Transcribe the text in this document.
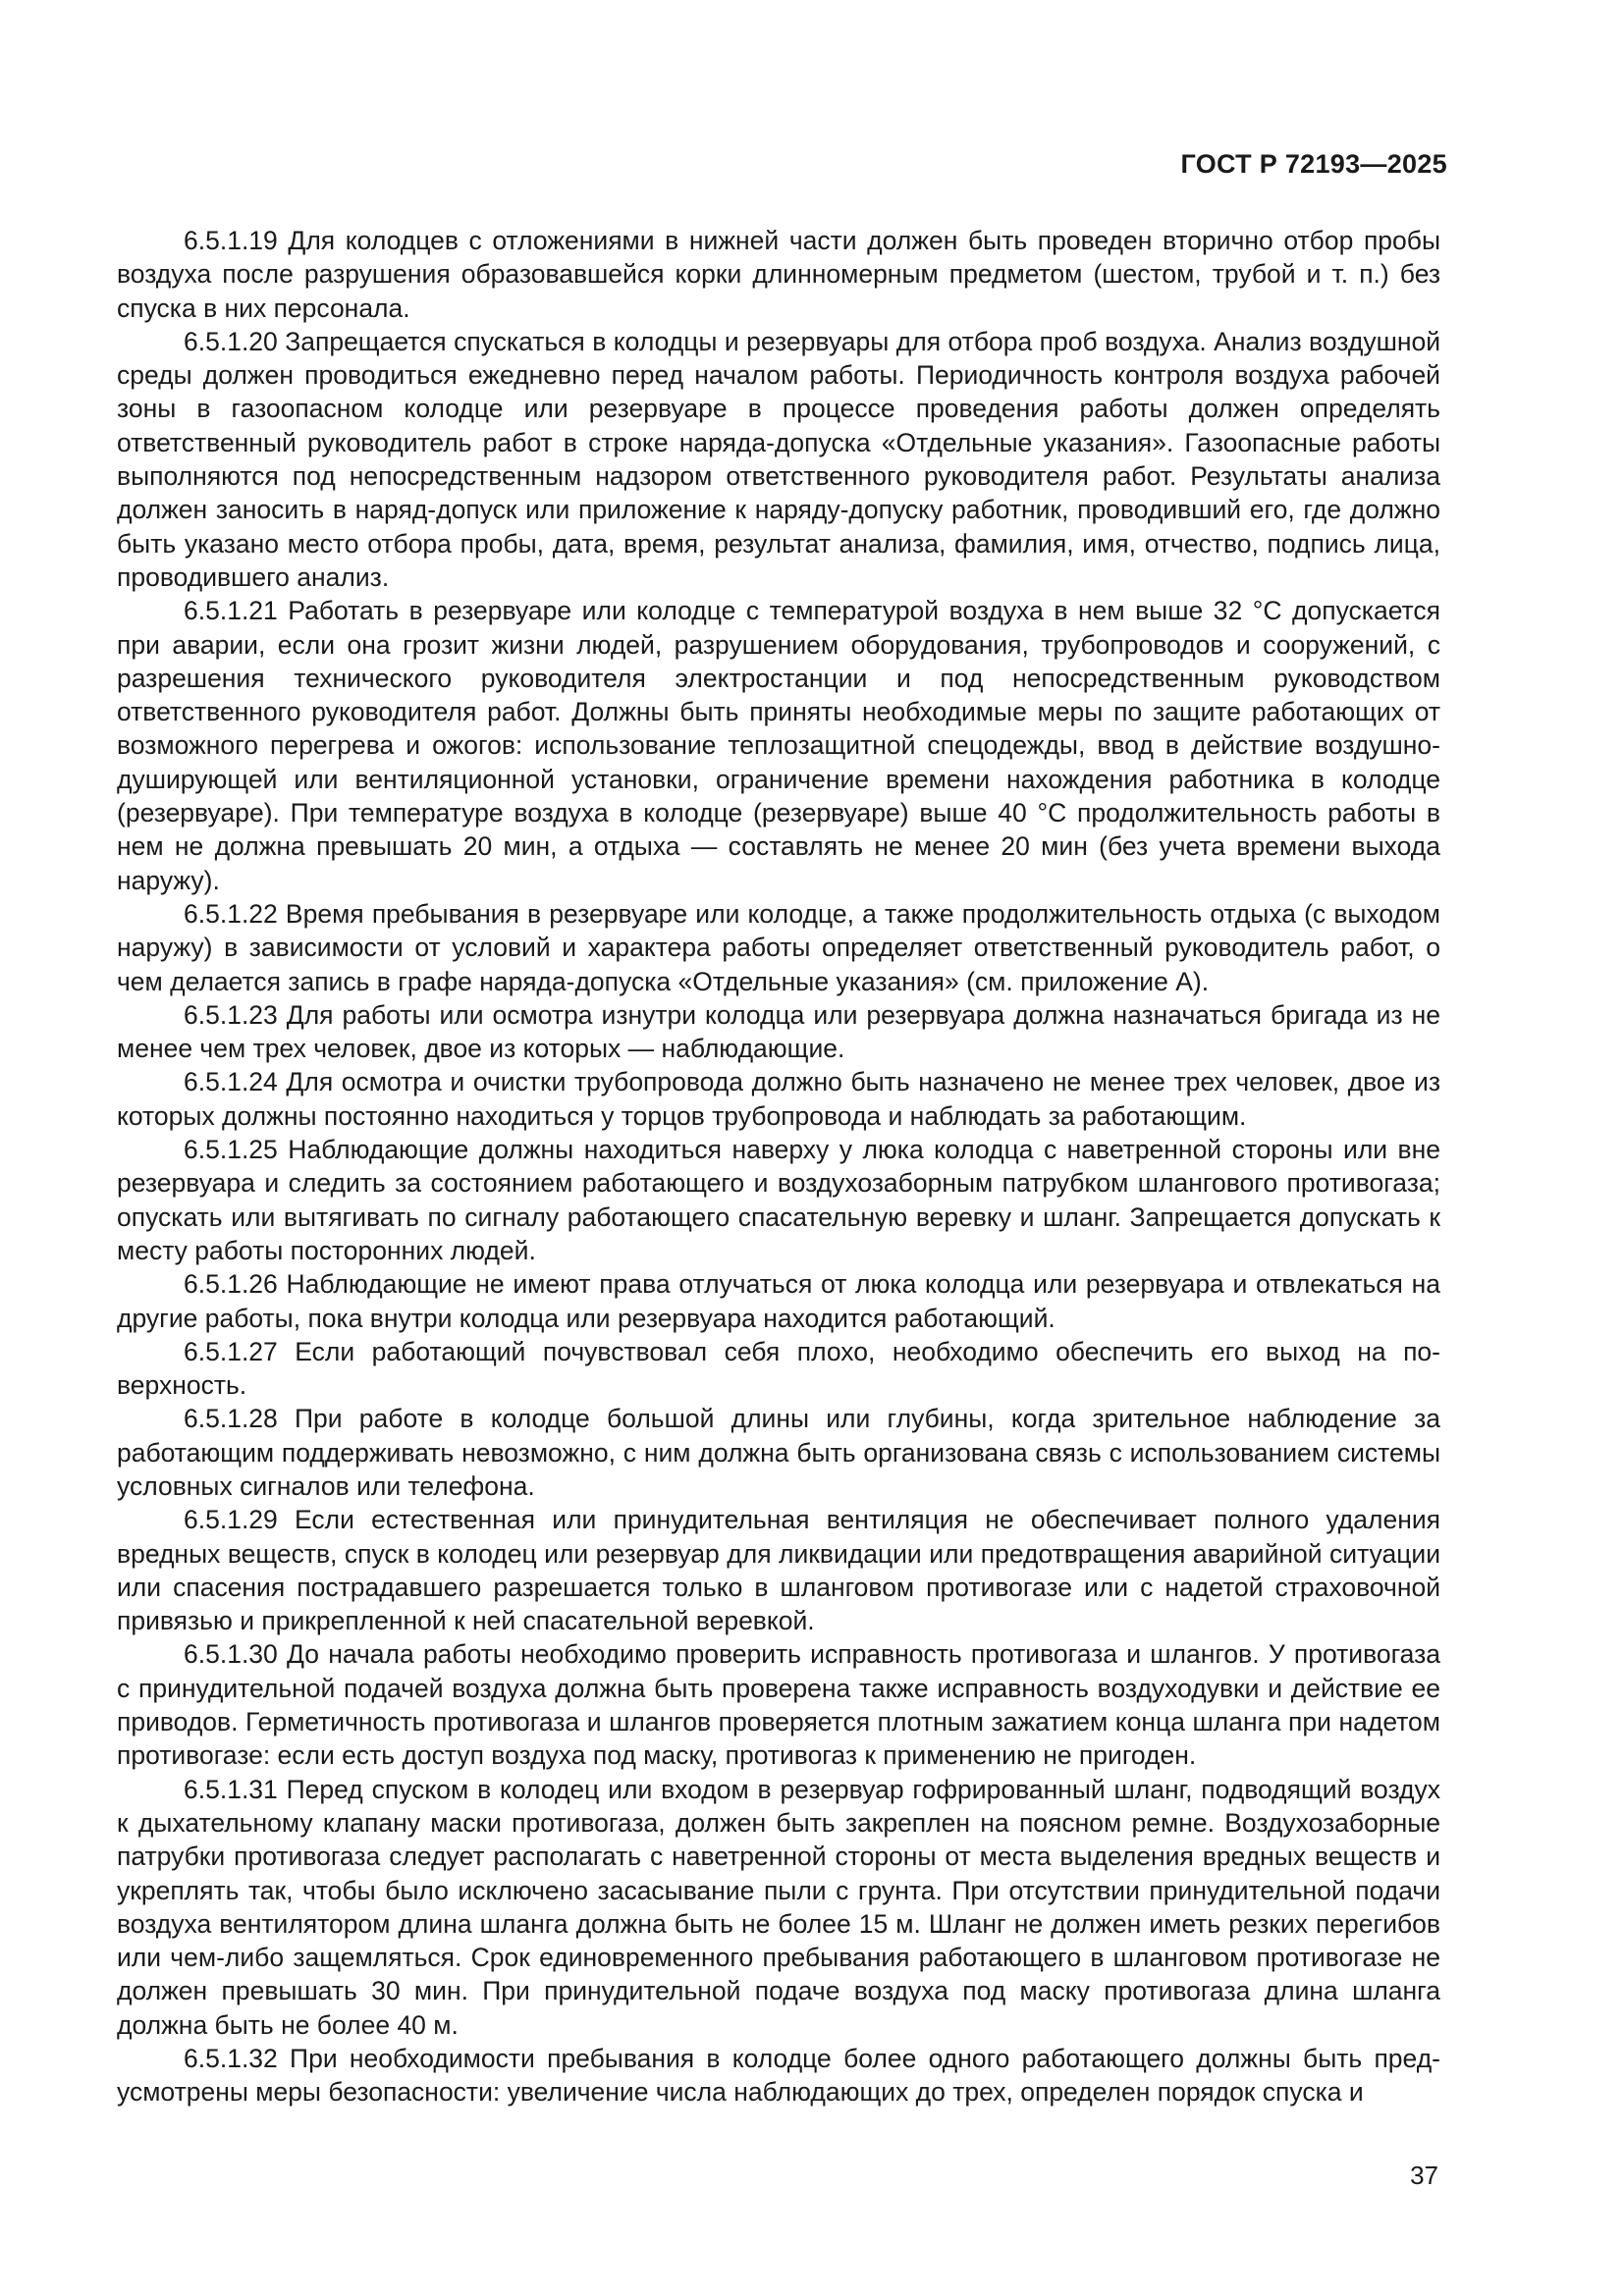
ГОСТ Р 72193—2025

6.5.1.19 Для колодцев с отложениями в нижней части должен быть проведен вторично отбор пробы воздуха после разрушения образовавшейся корки длинномерным предметом (шестом, трубой и т. п.) без спуска в них персонала.

6.5.1.20 Запрещается спускаться в колодцы и резервуары для отбора проб воздуха. Анализ воздушной среды должен проводиться ежедневно перед началом работы. Периодичность контроля воздуха рабочей зоны в газоопасном колодце или резервуаре в процессе проведения работы должен определять ответственный руководитель работ в строке наряда-допуска «Отдельные указания». Газоопасные работы выполняются под непосредственным надзором ответственного руководителя работ. Результаты анализа должен заносить в наряд-допуск или приложение к наряду-допуску работник, проводивший его, где должно быть указано место отбора пробы, дата, время, результат анализа, фамилия, имя, отчество, подпись лица, проводившего анализ.

6.5.1.21 Работать в резервуаре или колодце с температурой воздуха в нем выше 32 °С допускается при аварии, если она грозит жизни людей, разрушением оборудования, трубопроводов и сооружений, с разрешения технического руководителя электростанции и под непосредственным руководством ответственного руководителя работ. Должны быть приняты необходимые меры по защите работающих от возможного перегрева и ожогов: использование теплозащитной спецодежды, ввод в действие воздушно-душирующей или вентиляционной установки, ограничение времени нахождения работника в колодце (резервуаре). При температуре воздуха в колодце (резервуаре) выше 40 °С продолжительность работы в нем не должна превышать 20 мин, а отдыха — составлять не менее 20 мин (без учета времени выхода наружу).

6.5.1.22 Время пребывания в резервуаре или колодце, а также продолжительность отдыха (с выходом наружу) в зависимости от условий и характера работы определяет ответственный руководитель работ, о чем делается запись в графе наряда-допуска «Отдельные указания» (см. приложение А).

6.5.1.23 Для работы или осмотра изнутри колодца или резервуара должна назначаться бригада из не менее чем трех человек, двое из которых — наблюдающие.

6.5.1.24 Для осмотра и очистки трубопровода должно быть назначено не менее трех человек, двое из которых должны постоянно находиться у торцов трубопровода и наблюдать за работающим.

6.5.1.25 Наблюдающие должны находиться наверху у люка колодца с наветренной стороны или вне резервуара и следить за состоянием работающего и воздухозаборным патрубком шлангового противогаза; опускать или вытягивать по сигналу работающего спасательную веревку и шланг. Запрещается допускать к месту работы посторонних людей.

6.5.1.26 Наблюдающие не имеют права отлучаться от люка колодца или резервуара и отвлекаться на другие работы, пока внутри колодца или резервуара находится работающий.

6.5.1.27 Если работающий почувствовал себя плохо, необходимо обеспечить его выход на поверхность.

6.5.1.28 При работе в колодце большой длины или глубины, когда зрительное наблюдение за работающим поддерживать невозможно, с ним должна быть организована связь с использованием системы условных сигналов или телефона.

6.5.1.29 Если естественная или принудительная вентиляция не обеспечивает полного удаления вредных веществ, спуск в колодец или резервуар для ликвидации или предотвращения аварийной ситуации или спасения пострадавшего разрешается только в шланговом противогазе или с надетой страховочной привязью и прикрепленной к ней спасательной веревкой.

6.5.1.30 До начала работы необходимо проверить исправность противогаза и шлангов. У противогаза с принудительной подачей воздуха должна быть проверена также исправность воздуходувки и действие ее приводов. Герметичность противогаза и шлангов проверяется плотным зажатием конца шланга при надетом противогазе: если есть доступ воздуха под маску, противогаз к применению не пригоден.

6.5.1.31 Перед спуском в колодец или входом в резервуар гофрированный шланг, подводящий воздух к дыхательному клапану маски противогаза, должен быть закреплен на поясном ремне. Воздухозаборные патрубки противогаза следует располагать с наветренной стороны от места выделения вредных веществ и укреплять так, чтобы было исключено засасывание пыли с грунта. При отсутствии принудительной подачи воздуха вентилятором длина шланга должна быть не более 15 м. Шланг не должен иметь резких перегибов или чем-либо защемляться. Срок единовременного пребывания работающего в шланговом противогазе не должен превышать 30 мин. При принудительной подаче воздуха под маску противогаза длина шланга должна быть не более 40 м.

6.5.1.32 При необходимости пребывания в колодце более одного работающего должны быть предусмотрены меры безопасности: увеличение числа наблюдающих до трех, определен порядок спуска и

37
